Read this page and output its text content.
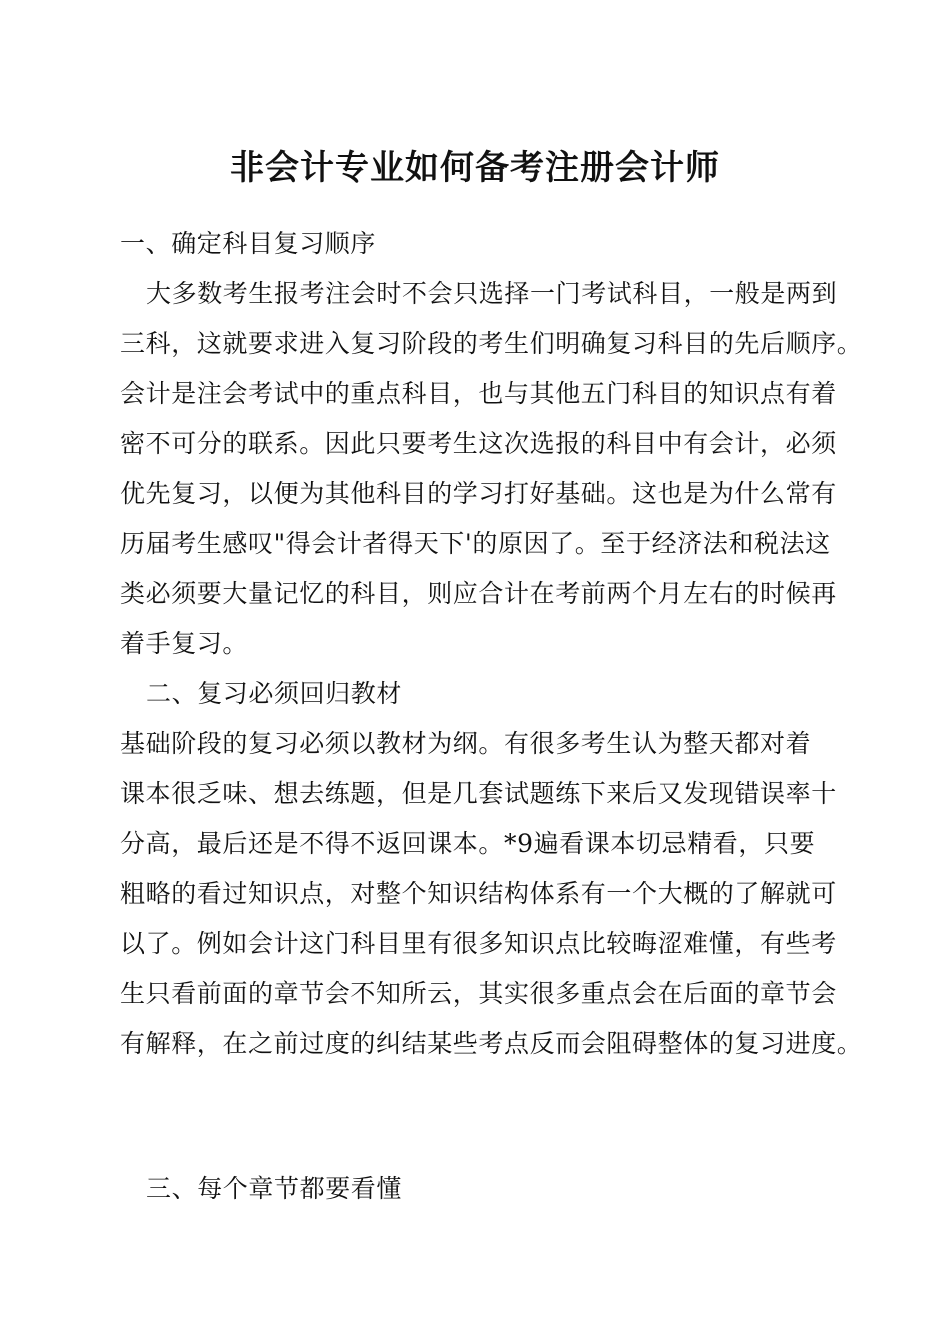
非会计专业如何备考注册会计师
一、确定科目复习顺序
大多数考生报考注会时不会只选择一门考试科目，一般是两到
三科，这就要求进入复习阶段的考生们明确复习科目的先后顺序。
会计是注会考试中的重点科目，也与其他五门科目的知识点有着
密不可分的联系。因此只要考生这次选报的科目中有会计，必须
优先复习，以便为其他科目的学习打好基础。这也是为什么常有
历届考生感叹"得会计者得天下'的原因了。至于经济法和税法这
类必须要大量记忆的科目，则应合计在考前两个月左右的时候再
着手复习。
二、复习必须回归教材
基础阶段的复习必须以教材为纲。有很多考生认为整天都对着
课本很乏味、想去练题，但是几套试题练下来后又发现错误率十
分高，最后还是不得不返回课本。*9遍看课本切忌精看，只要
粗略的看过知识点，对整个知识结构体系有一个大概的了解就可
以了。例如会计这门科目里有很多知识点比较晦涩难懂，有些考
生只看前面的章节会不知所云，其实很多重点会在后面的章节会
有解释，在之前过度的纠结某些考点反而会阻碍整体的复习进度。
三、每个章节都要看懂
